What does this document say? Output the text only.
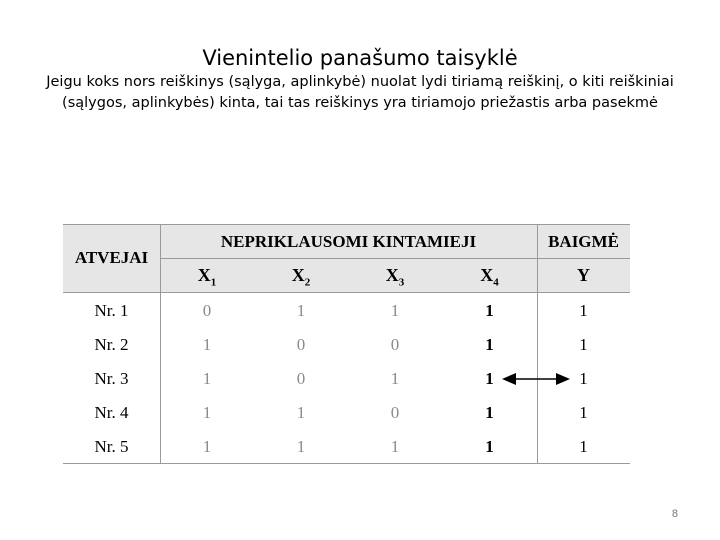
Vienintelio panašumo taisyklė
Jeigu koks nors reiškinys (sąlyga, aplinkybė) nuolat lydi tiriamą reiškinį, o kiti reiškiniai (sąlygos, aplinkybės) kinta, tai tas reiškinys yra tiriamojo priežastis arba pasekmė
ATVEJAI
NEPRIKLAUSOMI KINTAMIEJI	BAIGMĖ
$X_1$	$X_2$	$X_3$	$X_4$	Y
Nr. 1	0	1	1	1	1
Nr. 2	1	0	0	1	1
Nr. 3	1	0	1	1	1
Nr. 4	1	1	0	1	1
Nr. 5	1	1	1	1	1
8
